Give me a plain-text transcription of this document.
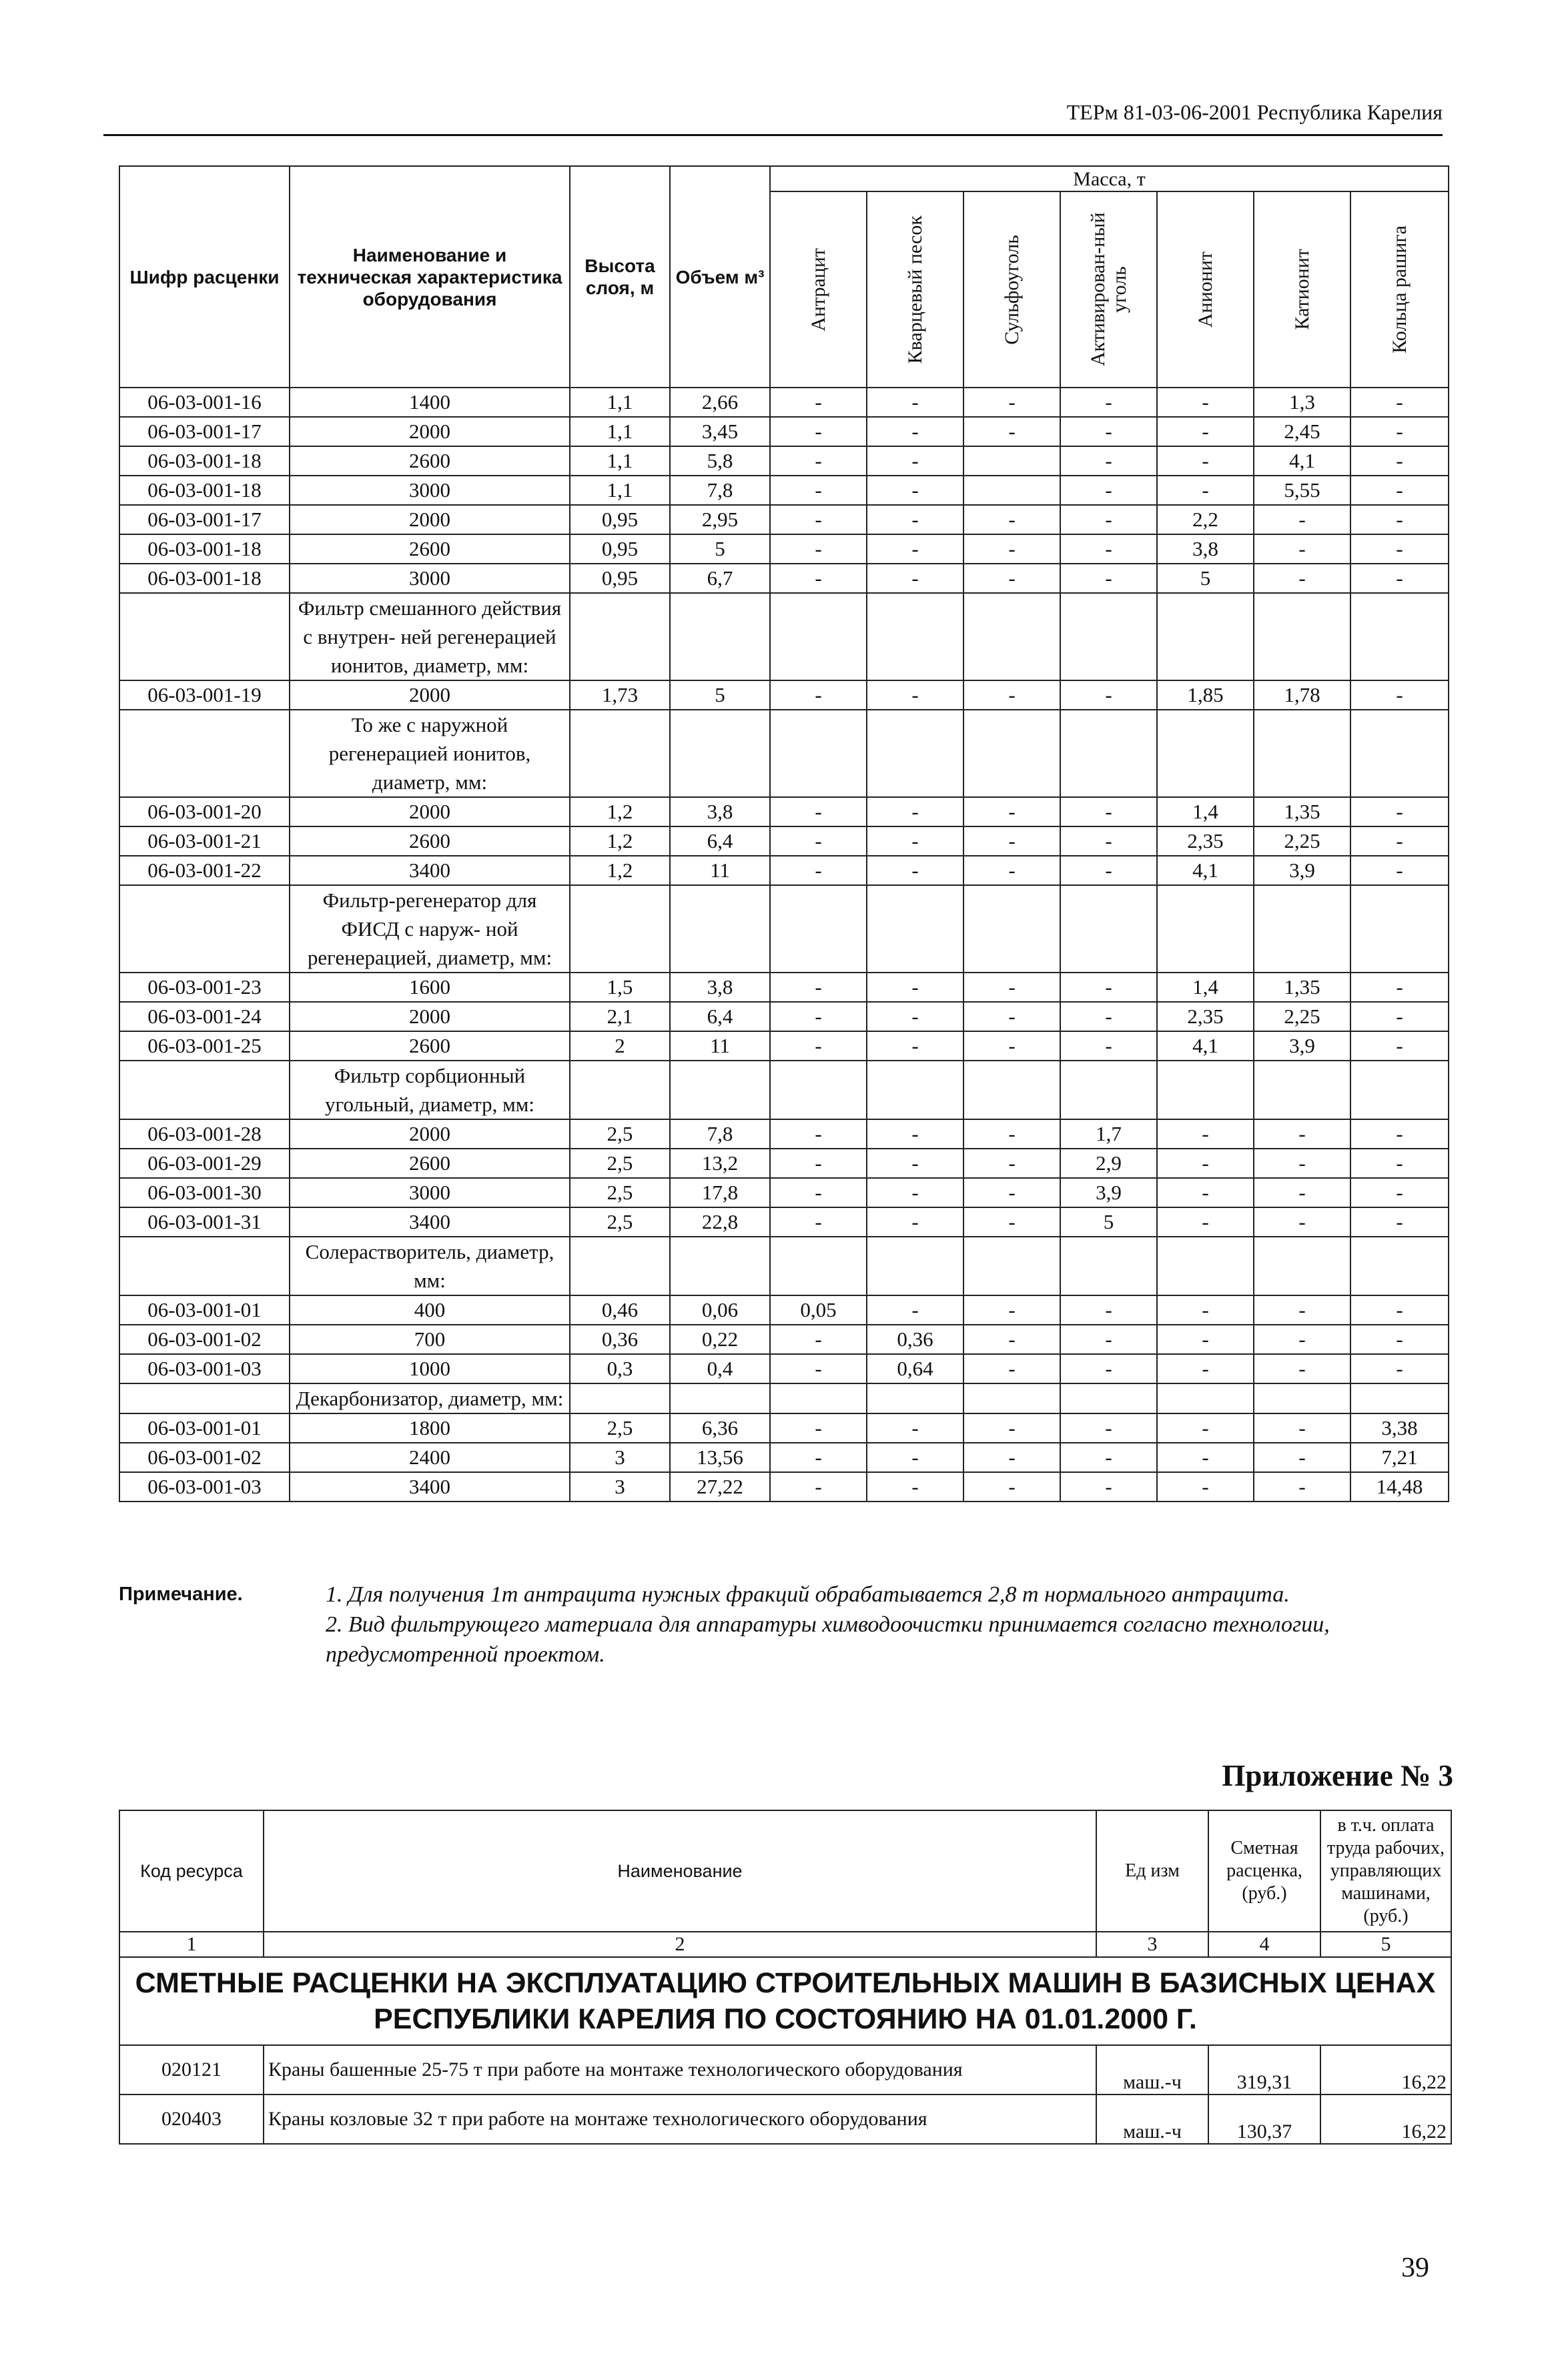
ТЕРм 81-03-06-2001 Республика Карелия
Шифр расценки	Наименование и техническая характеристика оборудования	Высота слоя, м	Объем м³	Масса, т						

				Антрацит	Кварцевый песок	Сульфоуголь	Активирован-ный уголь	Анионит	Катионит	Кольца рашига

06-03-001-16	1400	1,1	2,66	-	-	-	-	-	1,3	-
06-03-001-17	2000	1,1	3,45	-	-	-	-	-	2,45	-
06-03-001-18	2600	1,1	5,8	-	-		-	-	4,1	-
06-03-001-18	3000	1,1	7,8	-	-		-	-	5,55	-
06-03-001-17	2000	0,95	2,95	-	-	-	-	2,2	-	-
06-03-001-18	2600	0,95	5	-	-	-	-	3,8	-	-
06-03-001-18	3000	0,95	6,7	-	-	-	-	5	-	-
	Фильтр смешанного действия с внутрен- ней регенерацией ионитов, диаметр, мм:									
06-03-001-19	2000	1,73	5	-	-	-	-	1,85	1,78	-
	То же с наружной регенерацией ионитов, диаметр, мм:									
06-03-001-20	2000	1,2	3,8	-	-	-	-	1,4	1,35	-
06-03-001-21	2600	1,2	6,4	-	-	-	-	2,35	2,25	-
06-03-001-22	3400	1,2	11	-	-	-	-	4,1	3,9	-
	Фильтр-регенератор для ФИСД с наруж- ной регенерацией, диаметр, мм:									
06-03-001-23	1600	1,5	3,8	-	-	-	-	1,4	1,35	-
06-03-001-24	2000	2,1	6,4	-	-	-	-	2,35	2,25	-
06-03-001-25	2600	2	11	-	-	-	-	4,1	3,9	-
	Фильтр сорбционный угольный, диаметр, мм:									
06-03-001-28	2000	2,5	7,8	-	-	-	1,7	-	-	-
06-03-001-29	2600	2,5	13,2	-	-	-	2,9	-	-	-
06-03-001-30	3000	2,5	17,8	-	-	-	3,9	-	-	-
06-03-001-31	3400	2,5	22,8	-	-	-	5	-	-	-
	Солерастворитель, диаметр, мм:									
06-03-001-01	400	0,46	0,06	0,05	-	-	-	-	-	-
06-03-001-02	700	0,36	0,22	-	0,36	-	-	-	-	-
06-03-001-03	1000	0,3	0,4	-	0,64	-	-	-	-	-
	Декарбонизатор, диаметр, мм:									
06-03-001-01	1800	2,5	6,36	-	-	-	-	-	-	3,38
06-03-001-02	2400	3	13,56	-	-	-	-	-	-	7,21
06-03-001-03	3400	3	27,22	-	-	-	-	-	-	14,48
Примечание.	1. Для получения 1т антрацита нужных фракций обрабатывается 2,8 т нормального антрацита.

2. Вид фильтрующего материала для аппаратуры химводоочистки принимается согласно технологии, предусмотренной проектом.

Приложение № 3
Код ресурса	Наименование	Ед изм	Сметная расценка, (руб.)	в т.ч. оплата труда рабочих, управляющих машинами, (руб.)
1	2	3	4	5
СМЕТНЫЕ РАСЦЕНКИ НА ЭКСПЛУАТАЦИЮ СТРОИТЕЛЬНЫХ МАШИН В БАЗИСНЫХ ЦЕНАХ РЕСПУБЛИКИ КАРЕЛИЯ ПО СОСТОЯНИЮ НА 01.01.2000 Г.				
020121	Краны башенные 25-75 т при работе на монтаже технологического оборудования	маш.-ч	319,31	16,22
020403	Краны козловые 32 т при работе на монтаже технологического оборудования	маш.-ч	130,37	16,22
39
